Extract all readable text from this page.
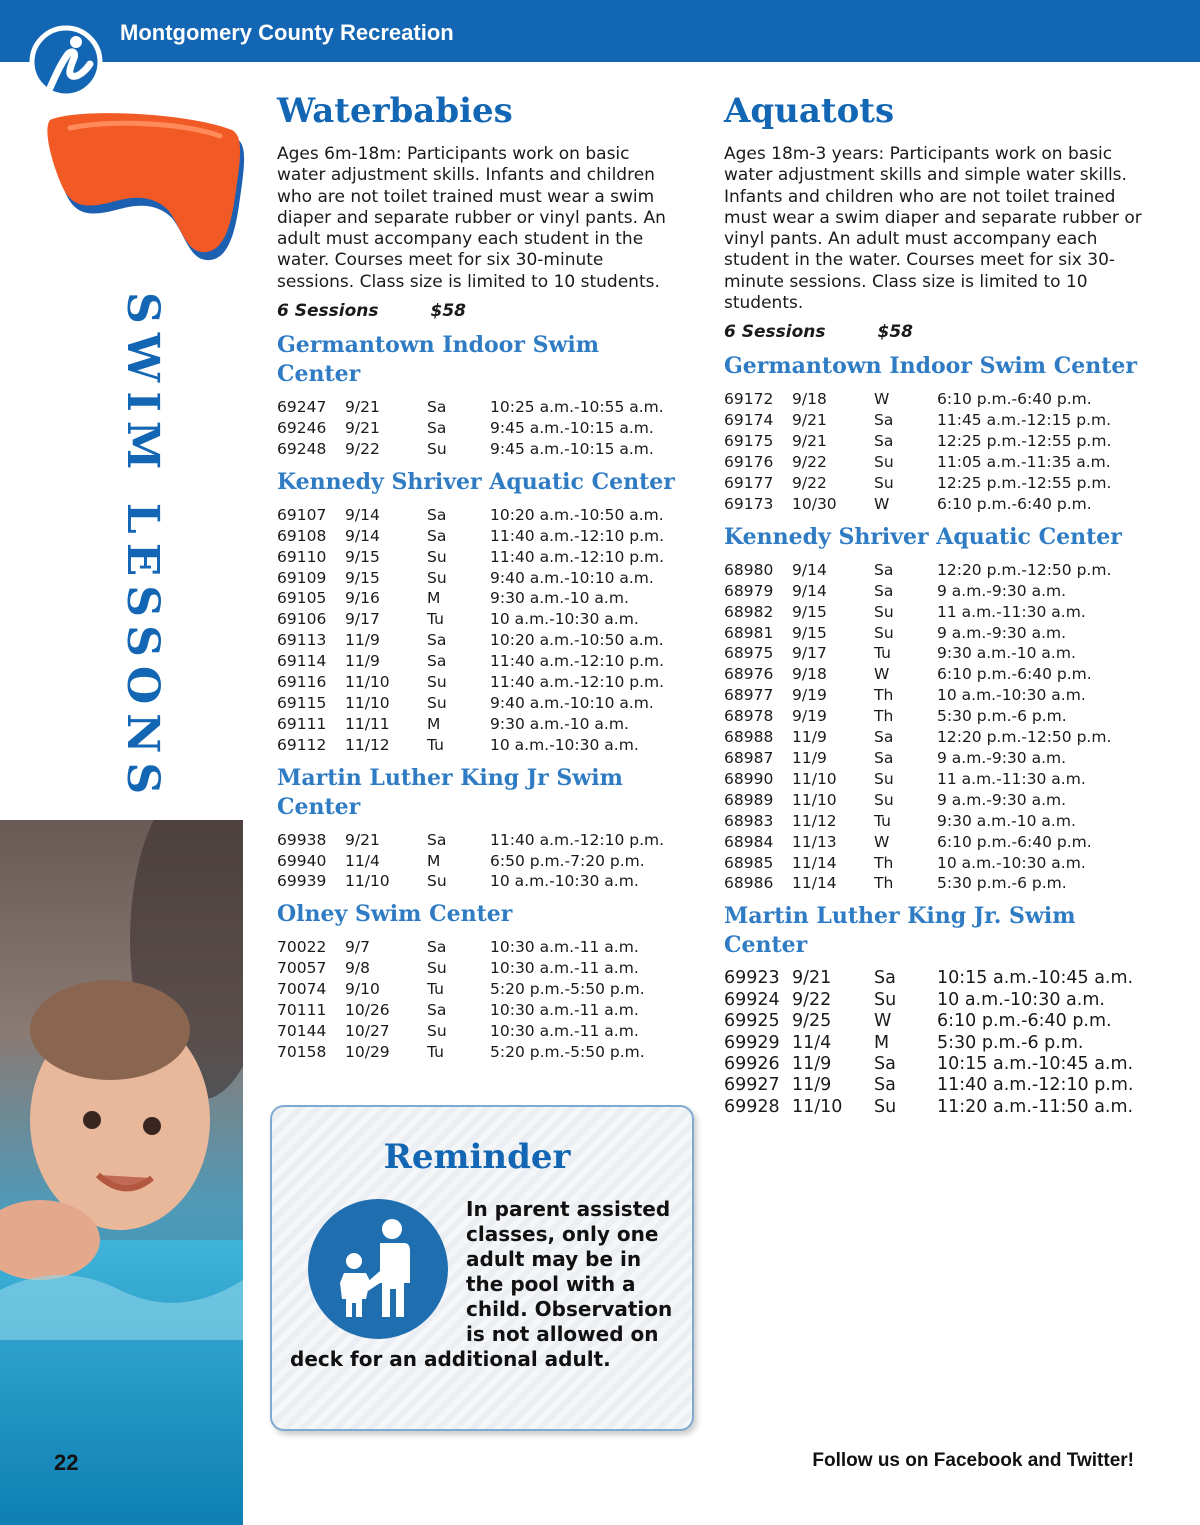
Montgomery County Recreation
SWIM LESSONS
22
Waterbabies

Ages 6m-18m: Participants work on basic water adjustment skills. Infants and children who are not toilet trained must wear a swim diaper and separate rubber or vinyl pants. An adult must accompany each student in the water. Courses meet for six 30-minute sessions. Class size is limited to 10 students.

6 Sessions	$58
Germantown Indoor Swim Center
69247	9/21	Sa	10:25 a.m.-10:55 a.m.
69246	9/21	Sa	9:45 a.m.-10:15 a.m.
69248	9/22	Su	9:45 a.m.-10:15 a.m.
Kennedy Shriver Aquatic Center
69107	9/14	Sa	10:20 a.m.-10:50 a.m.
69108	9/14	Sa	11:40 a.m.-12:10 p.m.
69110	9/15	Su	11:40 a.m.-12:10 p.m.
69109	9/15	Su	9:40 a.m.-10:10 a.m.
69105	9/16	M	9:30 a.m.-10 a.m.
69106	9/17	Tu	10 a.m.-10:30 a.m.
69113	11/9	Sa	10:20 a.m.-10:50 a.m.
69114	11/9	Sa	11:40 a.m.-12:10 p.m.
69116	11/10	Su	11:40 a.m.-12:10 p.m.
69115	11/10	Su	9:40 a.m.-10:10 a.m.
69111	11/11	M	9:30 a.m.-10 a.m.
69112	11/12	Tu	10 a.m.-10:30 a.m.
Martin Luther King Jr Swim Center
69938	9/21	Sa	11:40 a.m.-12:10 p.m.
69940	11/4	M	6:50 p.m.-7:20 p.m.
69939	11/10	Su	10 a.m.-10:30 a.m.
Olney Swim Center
70022	9/7	Sa	10:30 a.m.-11 a.m.
70057	9/8	Su	10:30 a.m.-11 a.m.
70074	9/10	Tu	5:20 p.m.-5:50 p.m.
70111	10/26	Sa	10:30 a.m.-11 a.m.
70144	10/27	Su	10:30 a.m.-11 a.m.
70158	10/29	Tu	5:20 p.m.-5:50 p.m.
Aquatots

Ages 18m-3 years: Participants work on basic water adjustment skills and simple water skills. Infants and children who are not toilet trained must wear a swim diaper and separate rubber or vinyl pants. An adult must accompany each student in the water. Courses meet for six 30-minute sessions. Class size is limited to 10 students.

6 Sessions	$58
Germantown Indoor Swim Center
69172	9/18	W	6:10 p.m.-6:40 p.m.
69174	9/21	Sa	11:45 a.m.-12:15 p.m.
69175	9/21	Sa	12:25 p.m.-12:55 p.m.
69176	9/22	Su	11:05 a.m.-11:35 a.m.
69177	9/22	Su	12:25 p.m.-12:55 p.m.
69173	10/30	W	6:10 p.m.-6:40 p.m.
Kennedy Shriver Aquatic Center
68980	9/14	Sa	12:20 p.m.-12:50 p.m.
68979	9/14	Sa	9 a.m.-9:30 a.m.
68982	9/15	Su	11 a.m.-11:30 a.m.
68981	9/15	Su	9 a.m.-9:30 a.m.
68975	9/17	Tu	9:30 a.m.-10 a.m.
68976	9/18	W	6:10 p.m.-6:40 p.m.
68977	9/19	Th	10 a.m.-10:30 a.m.
68978	9/19	Th	5:30 p.m.-6 p.m.
68988	11/9	Sa	12:20 p.m.-12:50 p.m.
68987	11/9	Sa	9 a.m.-9:30 a.m.
68990	11/10	Su	11 a.m.-11:30 a.m.
68989	11/10	Su	9 a.m.-9:30 a.m.
68983	11/12	Tu	9:30 a.m.-10 a.m.
68984	11/13	W	6:10 p.m.-6:40 p.m.
68985	11/14	Th	10 a.m.-10:30 a.m.
68986	11/14	Th	5:30 p.m.-6 p.m.
Martin Luther King Jr. Swim Center
69923	9/21	Sa	10:15 a.m.-10:45 a.m.
69924	9/22	Su	10 a.m.-10:30 a.m.
69925	9/25	W	6:10 p.m.-6:40 p.m.
69929	11/4	M	5:30 p.m.-6 p.m.
69926	11/9	Sa	10:15 a.m.-10:45 a.m.
69927	11/9	Sa	11:40 a.m.-12:10 p.m.
69928	11/10	Su	11:20 a.m.-11:50 a.m.
Reminder
In parent assisted classes, only one adult may be in the pool with a child. Observation is not allowed on
deck for an additional adult.
Follow us on Facebook and Twitter!
